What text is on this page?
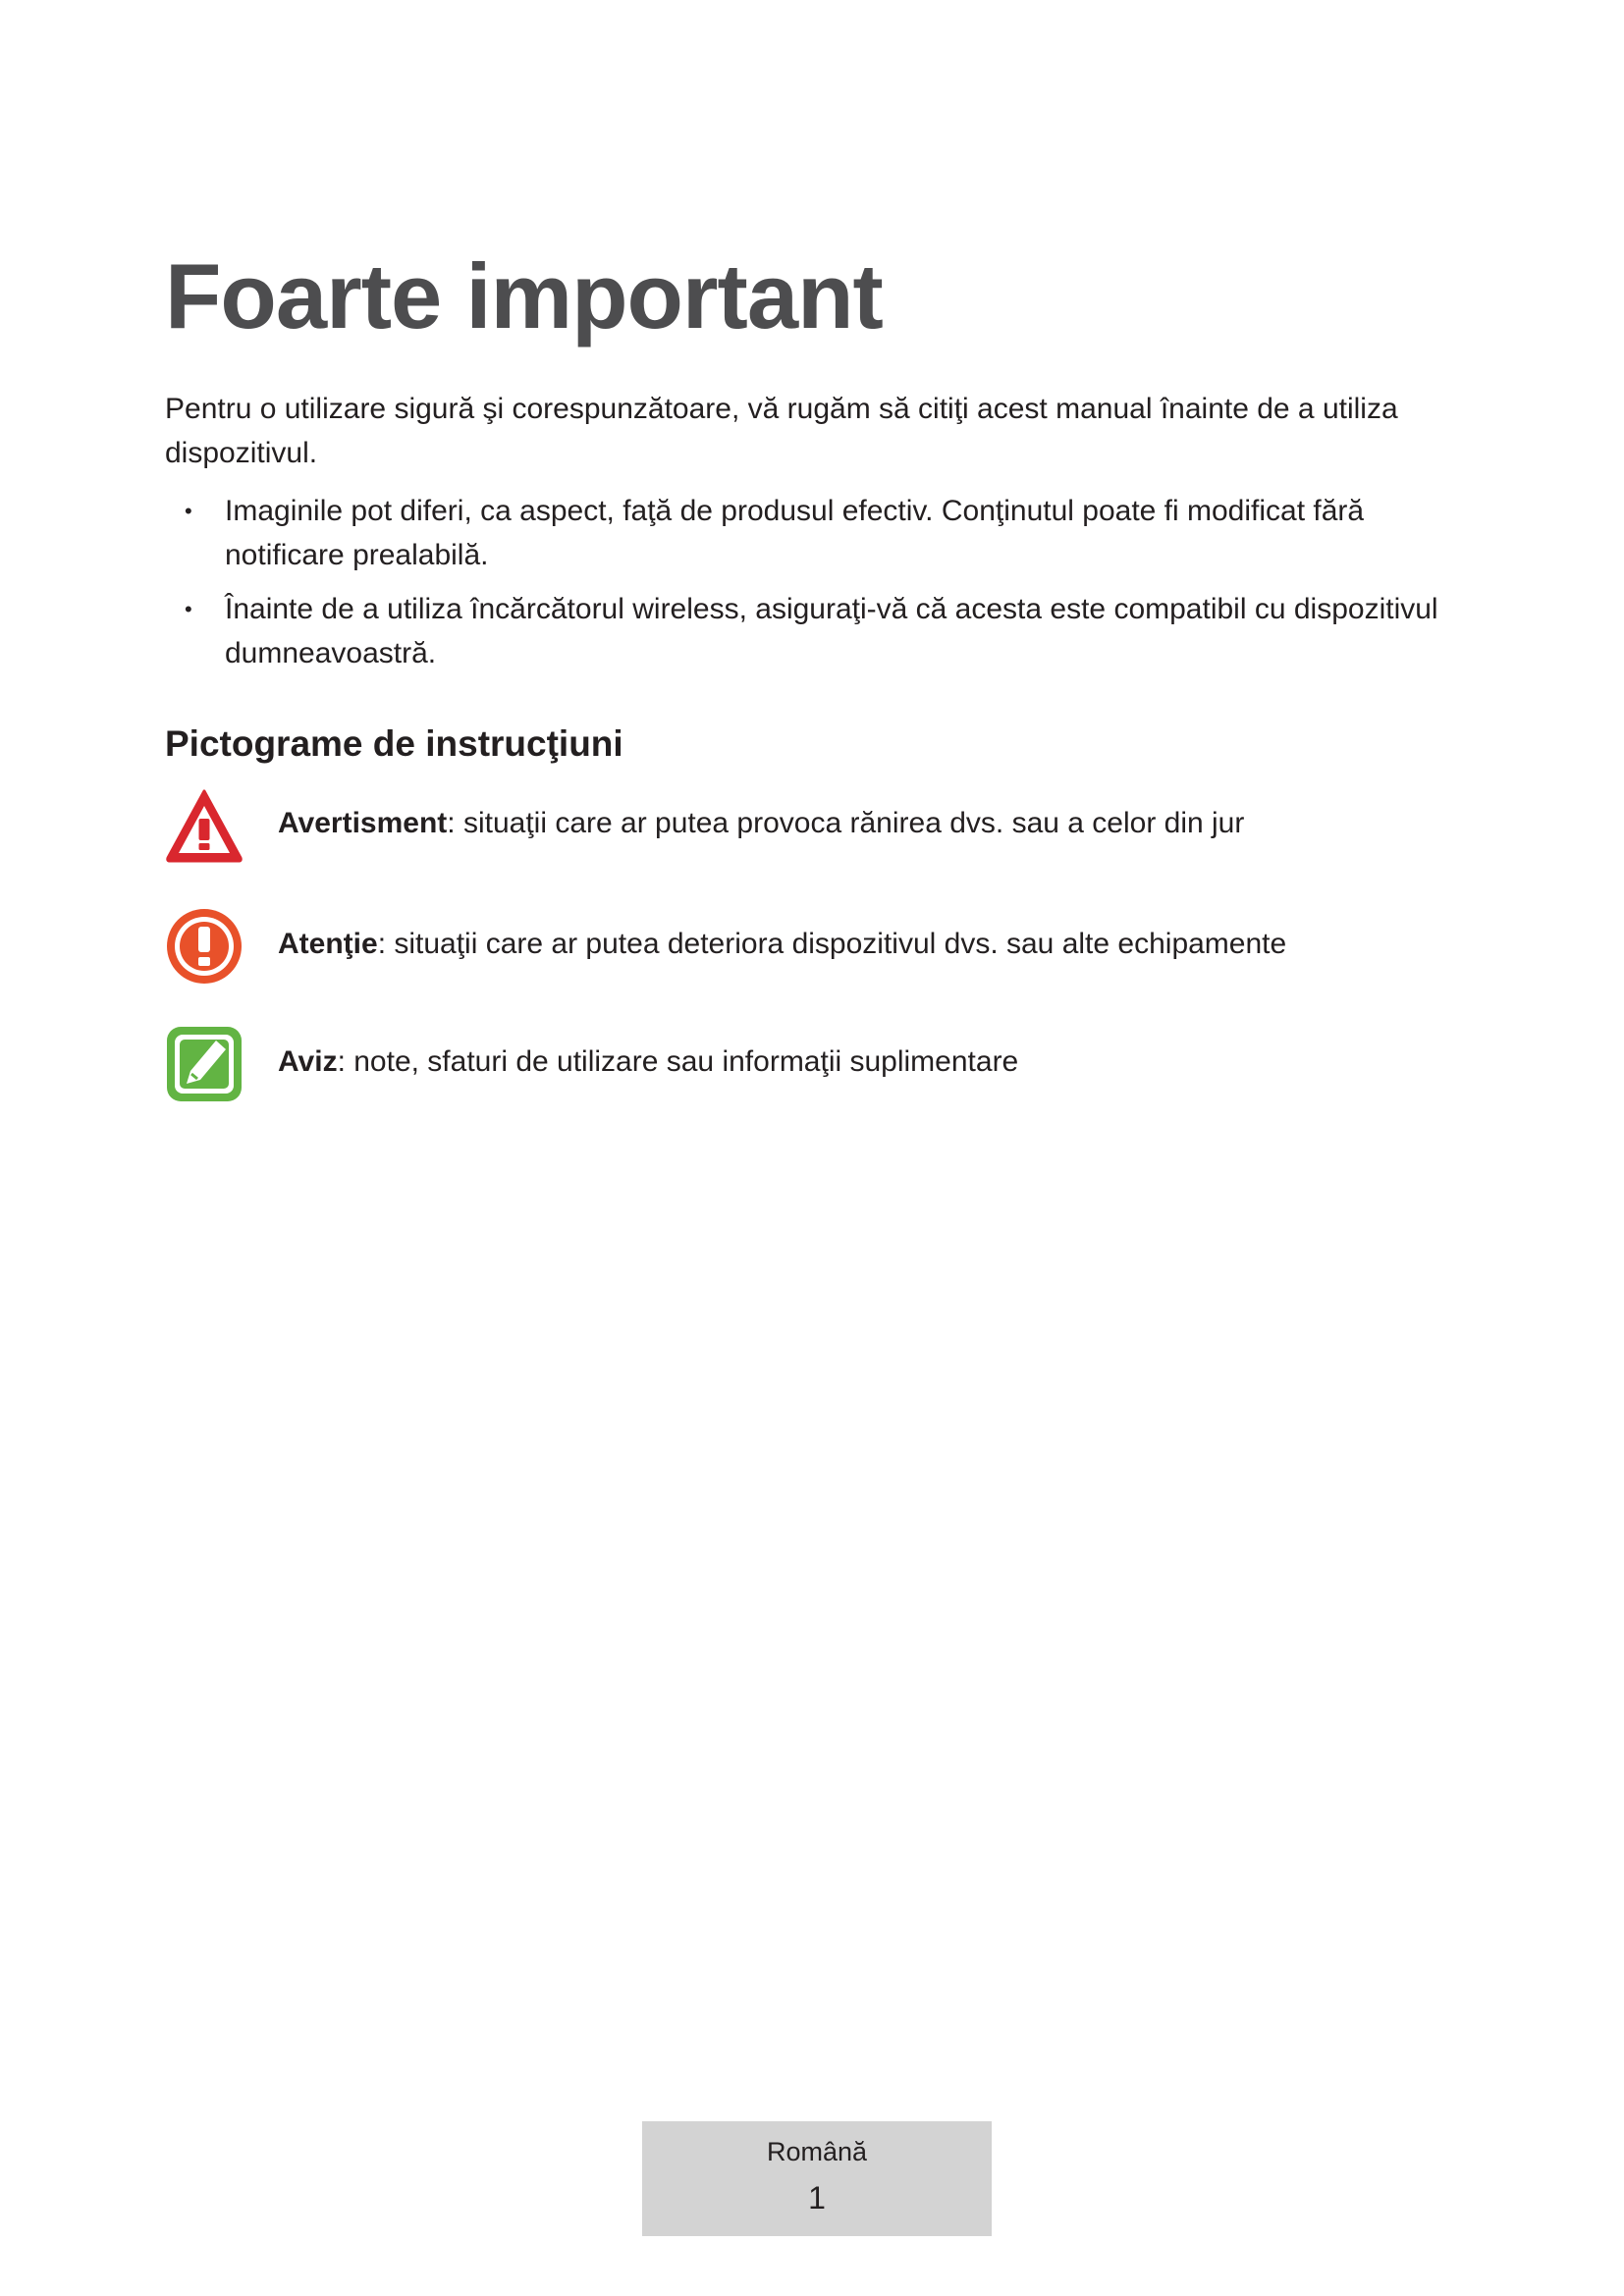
Foarte important

Pentru o utilizare sigură şi corespunzătoare, vă rugăm să citiţi acest manual înainte de a utiliza dispozitivul.

• Imaginile pot diferi, ca aspect, faţă de produsul efectiv. Conţinutul poate fi modificat fără notificare prealabilă.
• Înainte de a utiliza încărcătorul wireless, asiguraţi-vă că acesta este compatibil cu dispozitivul dumneavoastră.
Pictograme de instrucţiuni
Avertisment: situaţii care ar putea provoca rănirea dvs. sau a celor din jur
Atenţie: situaţii care ar putea deteriora dispozitivul dvs. sau alte echipamente
Aviz: note, sfaturi de utilizare sau informaţii suplimentare
Română
1
